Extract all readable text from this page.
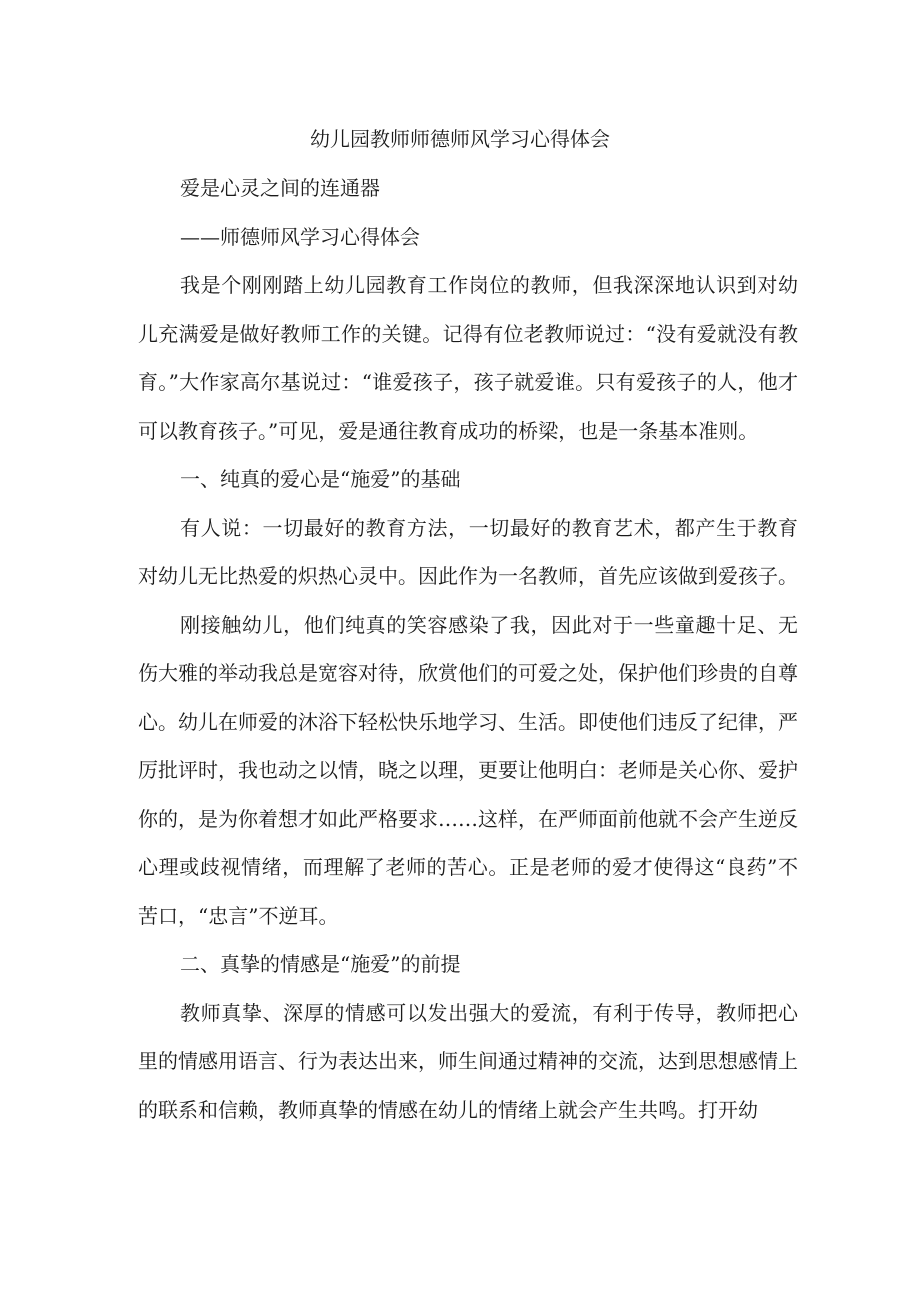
幼儿园教师师德师风学习心得体会

爱是心灵之间的连通器

——师德师风学习心得体会

我是个刚刚踏上幼儿园教育工作岗位的教师，但我深深地认识到对幼儿充满爱是做好教师工作的关键。记得有位老教师说过：“没有爱就没有教育。”大作家高尔基说过：“谁爱孩子，孩子就爱谁。只有爱孩子的人，他才可以教育孩子。”可见，爱是通往教育成功的桥梁，也是一条基本准则。

一、纯真的爱心是“施爱”的基础

有人说：一切最好的教育方法，一切最好的教育艺术，都产生于教育对幼儿无比热爱的炽热心灵中。因此作为一名教师，首先应该做到爱孩子。

刚接触幼儿，他们纯真的笑容感染了我，因此对于一些童趣十足、无伤大雅的举动我总是宽容对待，欣赏他们的可爱之处，保护他们珍贵的自尊心。幼儿在师爱的沐浴下轻松快乐地学习、生活。即使他们违反了纪律，严厉批评时，我也动之以情，晓之以理，更要让他明白：老师是关心你、爱护你的，是为你着想才如此严格要求……这样，在严师面前他就不会产生逆反心理或歧视情绪，而理解了老师的苦心。正是老师的爱才使得这“良药”不苦口，“忠言”不逆耳。

二、真挚的情感是“施爱”的前提

教师真挚、深厚的情感可以发出强大的爱流，有利于传导，教师把心里的情感用语言、行为表达出来，师生间通过精神的交流，达到思想感情上的联系和信赖，教师真挚的情感在幼儿的情绪上就会产生共鸣。打开幼
